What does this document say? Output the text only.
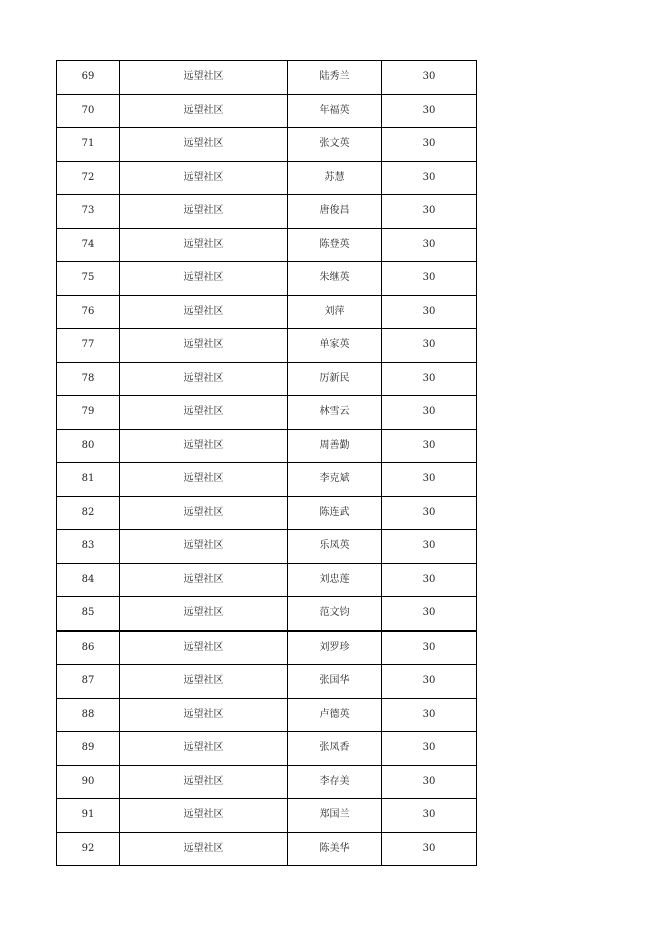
69	远望社区	陆秀兰	30
70	远望社区	年福英	30
71	远望社区	张文英	30
72	远望社区	苏慧	30
73	远望社区	唐俊昌	30
74	远望社区	陈登英	30
75	远望社区	朱继英	30
76	远望社区	刘萍	30
77	远望社区	单家英	30
78	远望社区	厉新民	30
79	远望社区	林雪云	30
80	远望社区	周善勤	30
81	远望社区	李克斌	30
82	远望社区	陈连武	30
83	远望社区	乐凤英	30
84	远望社区	刘忠莲	30
85	远望社区	范文钧	30
86	远望社区	刘罗珍	30
87	远望社区	张国华	30
88	远望社区	卢德英	30
89	远望社区	张凤香	30
90	远望社区	李存美	30
91	远望社区	郑国兰	30
92	远望社区	陈美华	30
